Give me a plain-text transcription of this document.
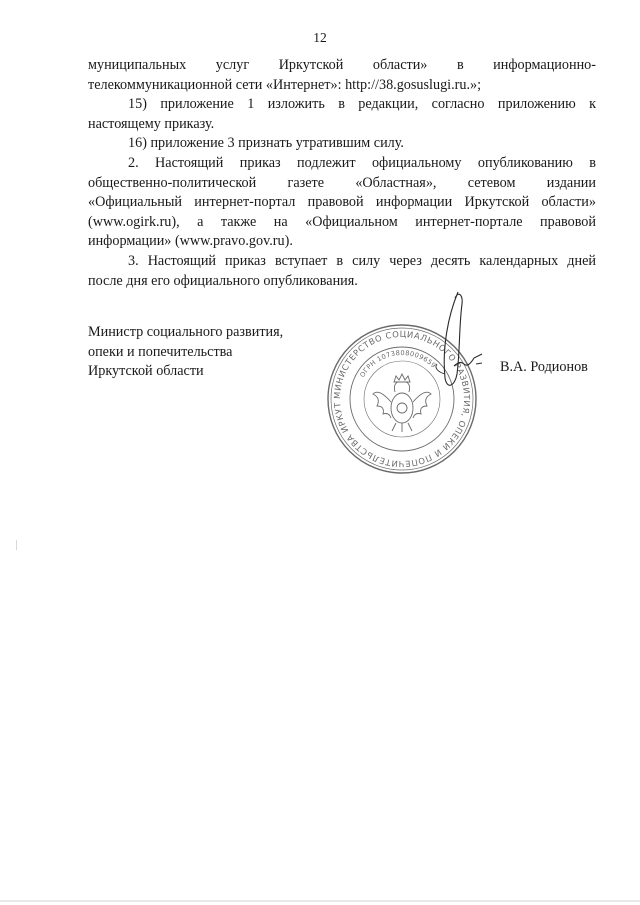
12
муниципальных услуг Иркутской области» в информационно-
телекоммуникационной сети «Интернет»: http://38.gosuslugi.ru.»;
15) приложение 1 изложить в редакции, согласно приложению к
настоящему приказу.
16) приложение 3 признать утратившим силу.
2. Настоящий приказ подлежит официальному опубликованию в
общественно-политической газете «Областная», сетевом издании
«Официальный интернет-портал правовой информации Иркутской области»
(www.ogirk.ru), а также на «Официальном интернет-портале правовой
информации» (www.pravo.gov.ru).
3. Настоящий приказ вступает в силу через десять календарных дней
после дня его официального опубликования.
Министр социального развития,
опеки и попечительства
Иркутской области
МИНИСТЕРСТВО СОЦИАЛЬНОГО РАЗВИТИЯ, ОПЕКИ И ПОПЕЧИТЕЛЬСТВА ИРКУТ
ОГРН 1073808009659	В.А. Родионов
